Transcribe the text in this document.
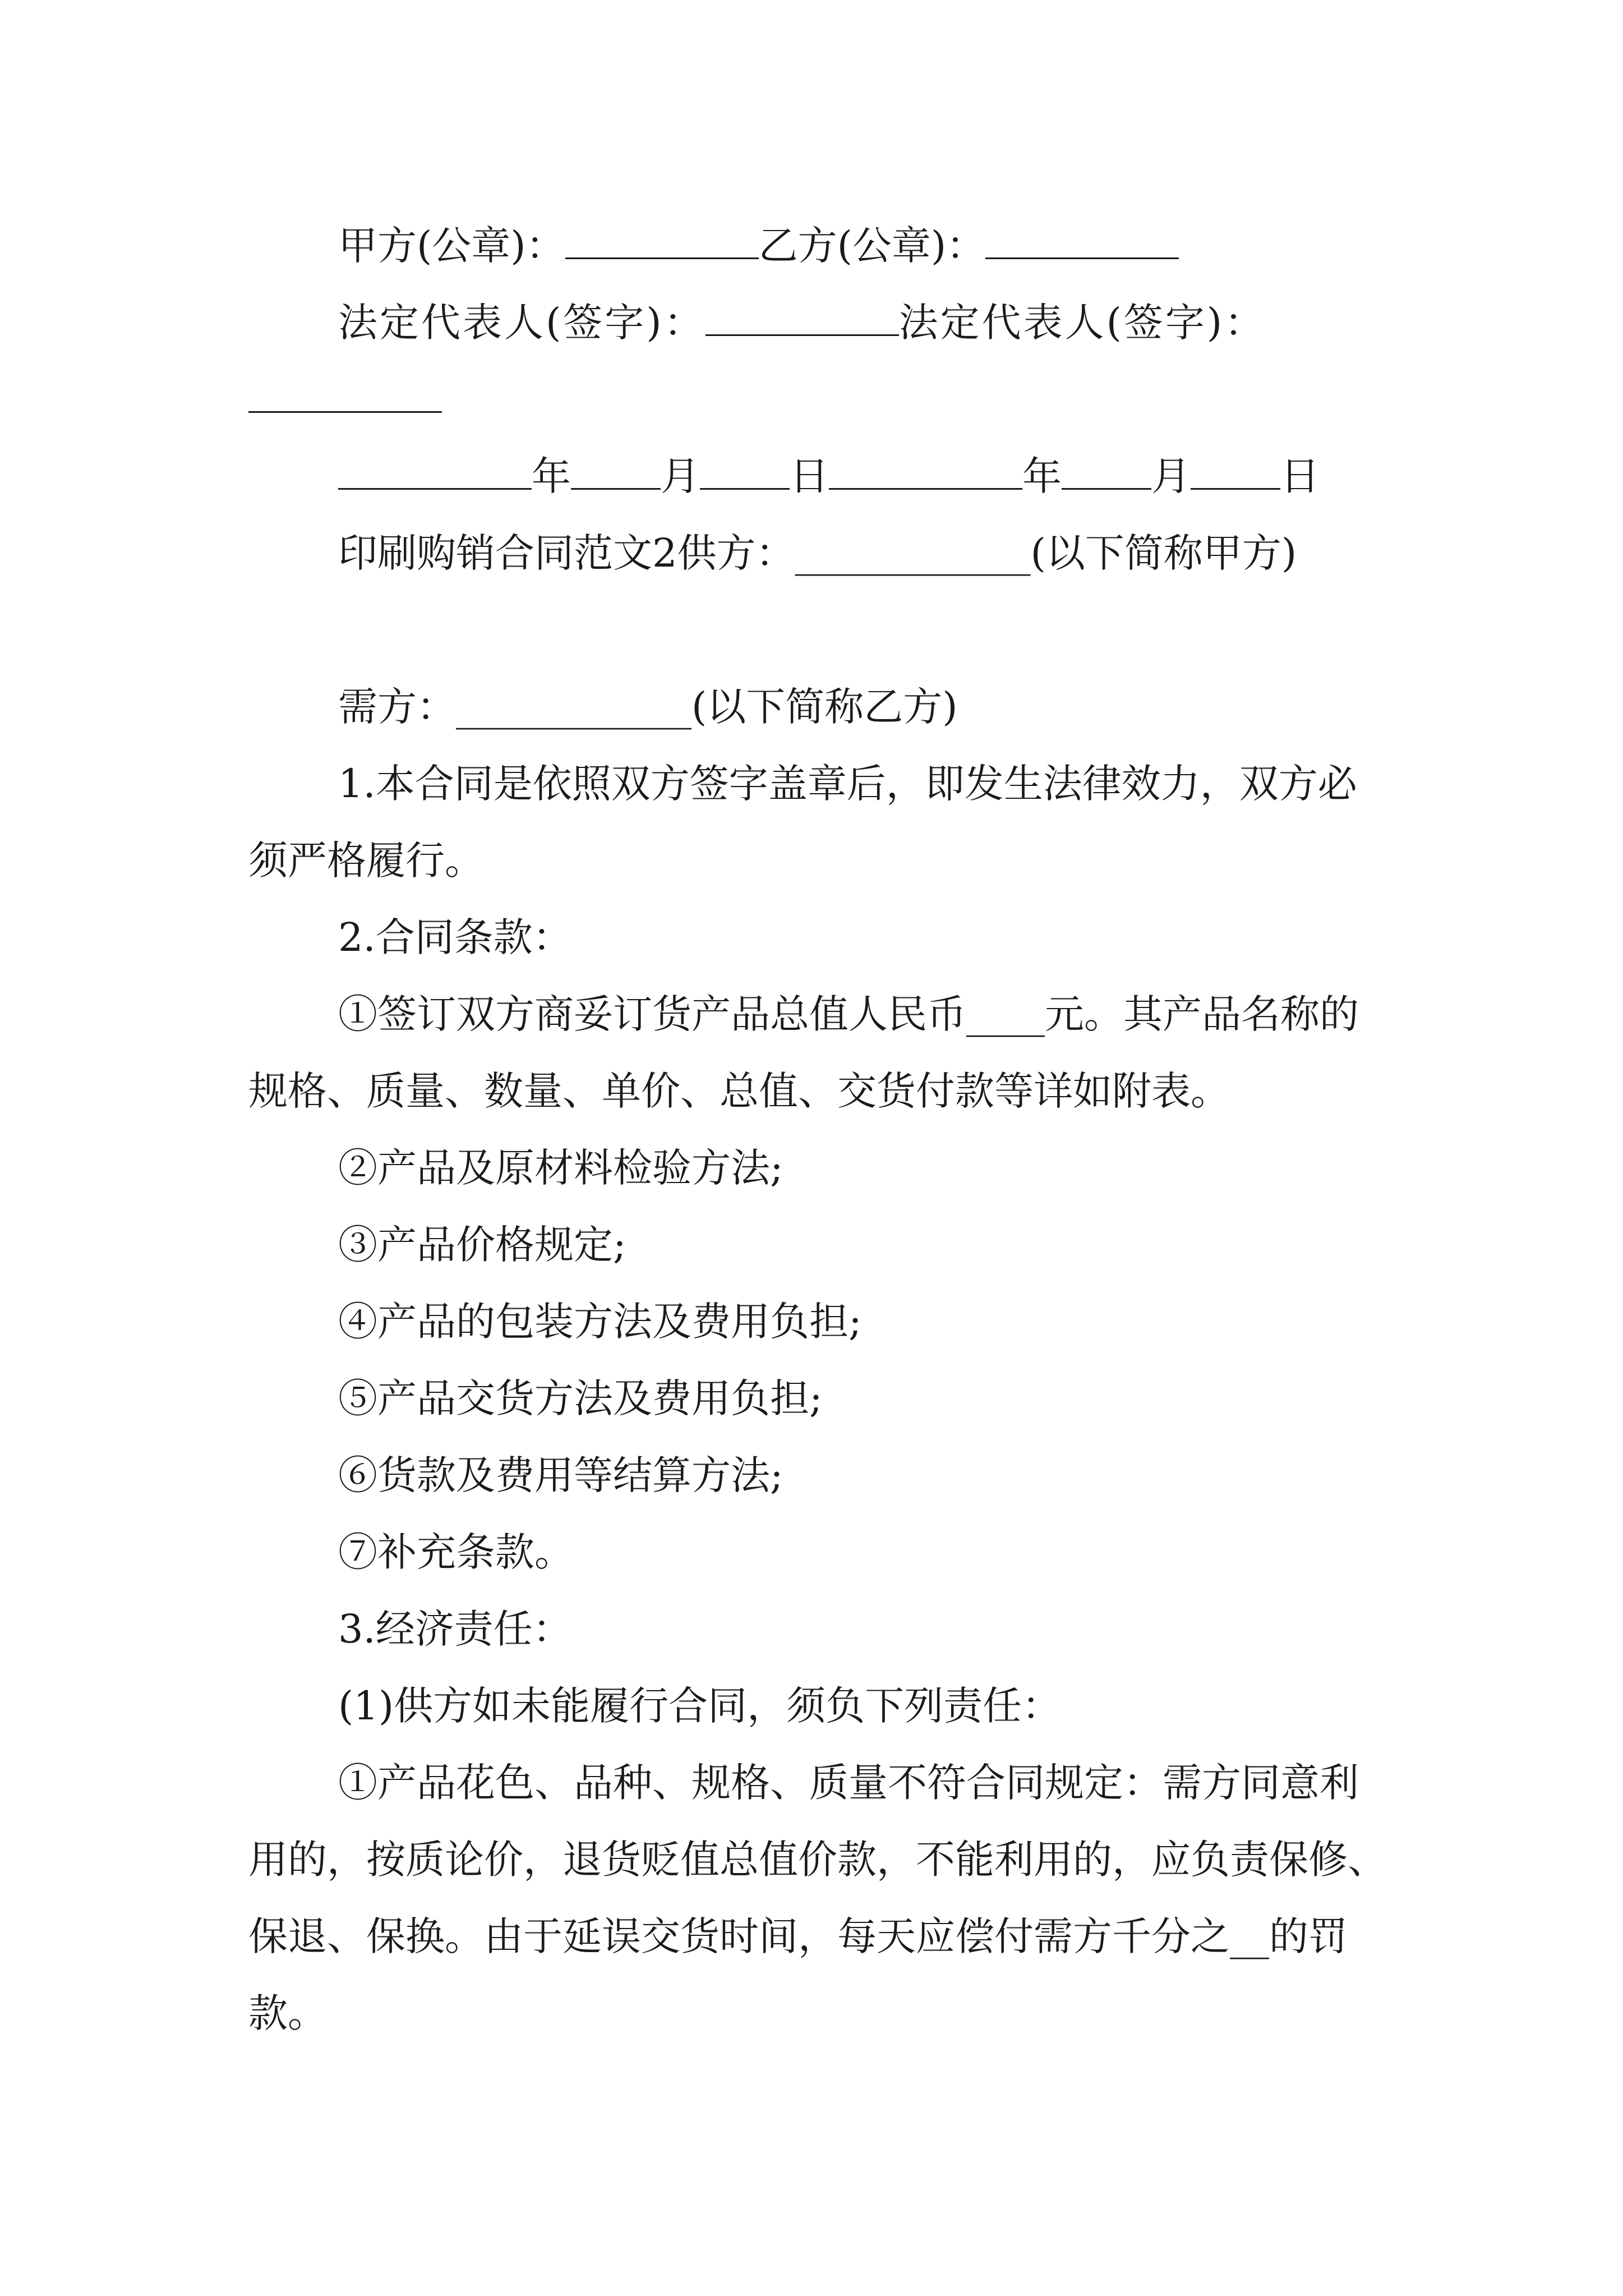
甲方(公章)：	乙方(公章)：
法定代表人(签字)：	法定代表人(签字)：
年 月 日	年 月 日
印刷购销合同范文2供方：____________(以下简称甲方)
需方：____________(以下简称乙方)
1.本合同是依照双方签字盖章后，即发生法律效力，双方必须严格履行。
2.合同条款：
①签订双方商妥订货产品总值人民币____元。其产品名称的规格、质量、数量、单价、总值、交货付款等详如附表。
②产品及原材料检验方法;
③产品价格规定;
④产品的包装方法及费用负担;
⑤产品交货方法及费用负担;
⑥货款及费用等结算方法;
⑦补充条款。
3.经济责任：
(1)供方如未能履行合同，须负下列责任：
①产品花色、品种、规格、质量不符合同规定：需方同意利用的，按质论价，退货贬值总值价款，不能利用的，应负责保修、保退、保换。由于延误交货时间，每天应偿付需方千分之__的罚款。
